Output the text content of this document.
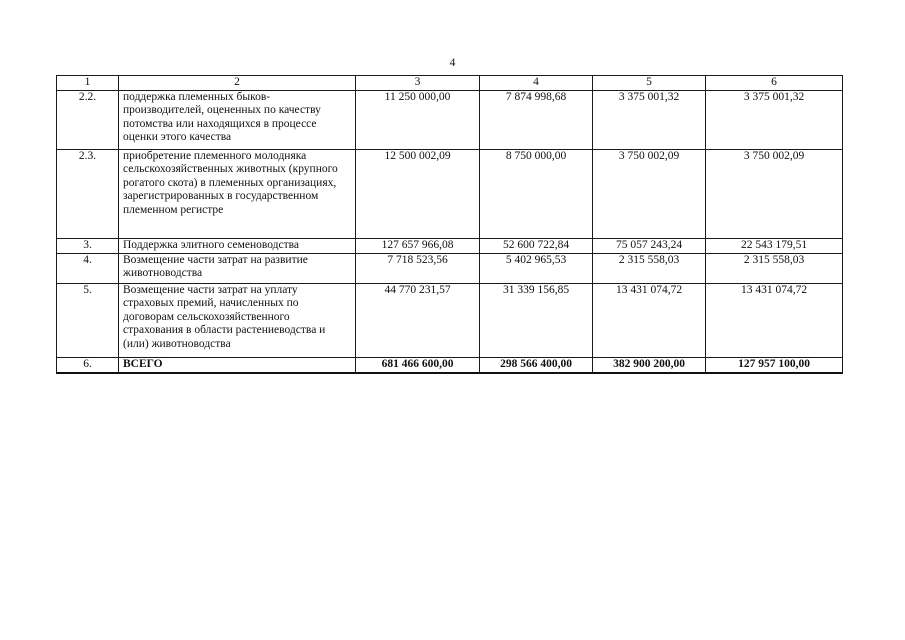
4
1	2	3	4	5	6
2.2.	поддержка племенных быков-производителей, оцененных по качеству потомства или находящихся в процессе оценки этого качества	11 250 000,00	7 874 998,68	3 375 001,32	3 375 001,32
2.3.	приобретение племенного молодняка сельскохозяйственных животных (крупного рогатого скота) в племенных организациях, зарегистрированных в государственном племенном регистре	12 500 002,09	8 750 000,00	3 750 002,09	3 750 002,09
3.	Поддержка элитного семеноводства	127 657 966,08	52 600 722,84	75 057 243,24	22 543 179,51
4.	Возмещение части затрат на развитие животноводства	7 718 523,56	5 402 965,53	2 315 558,03	2 315 558,03
5.	Возмещение части затрат на уплату страховых премий, начисленных по договорам сельскохозяйственного страхования в области растениеводства и (или) животноводства	44 770 231,57	31 339 156,85	13 431 074,72	13 431 074,72
6.	ВСЕГО	681 466 600,00	298 566 400,00	382 900 200,00	127 957 100,00
